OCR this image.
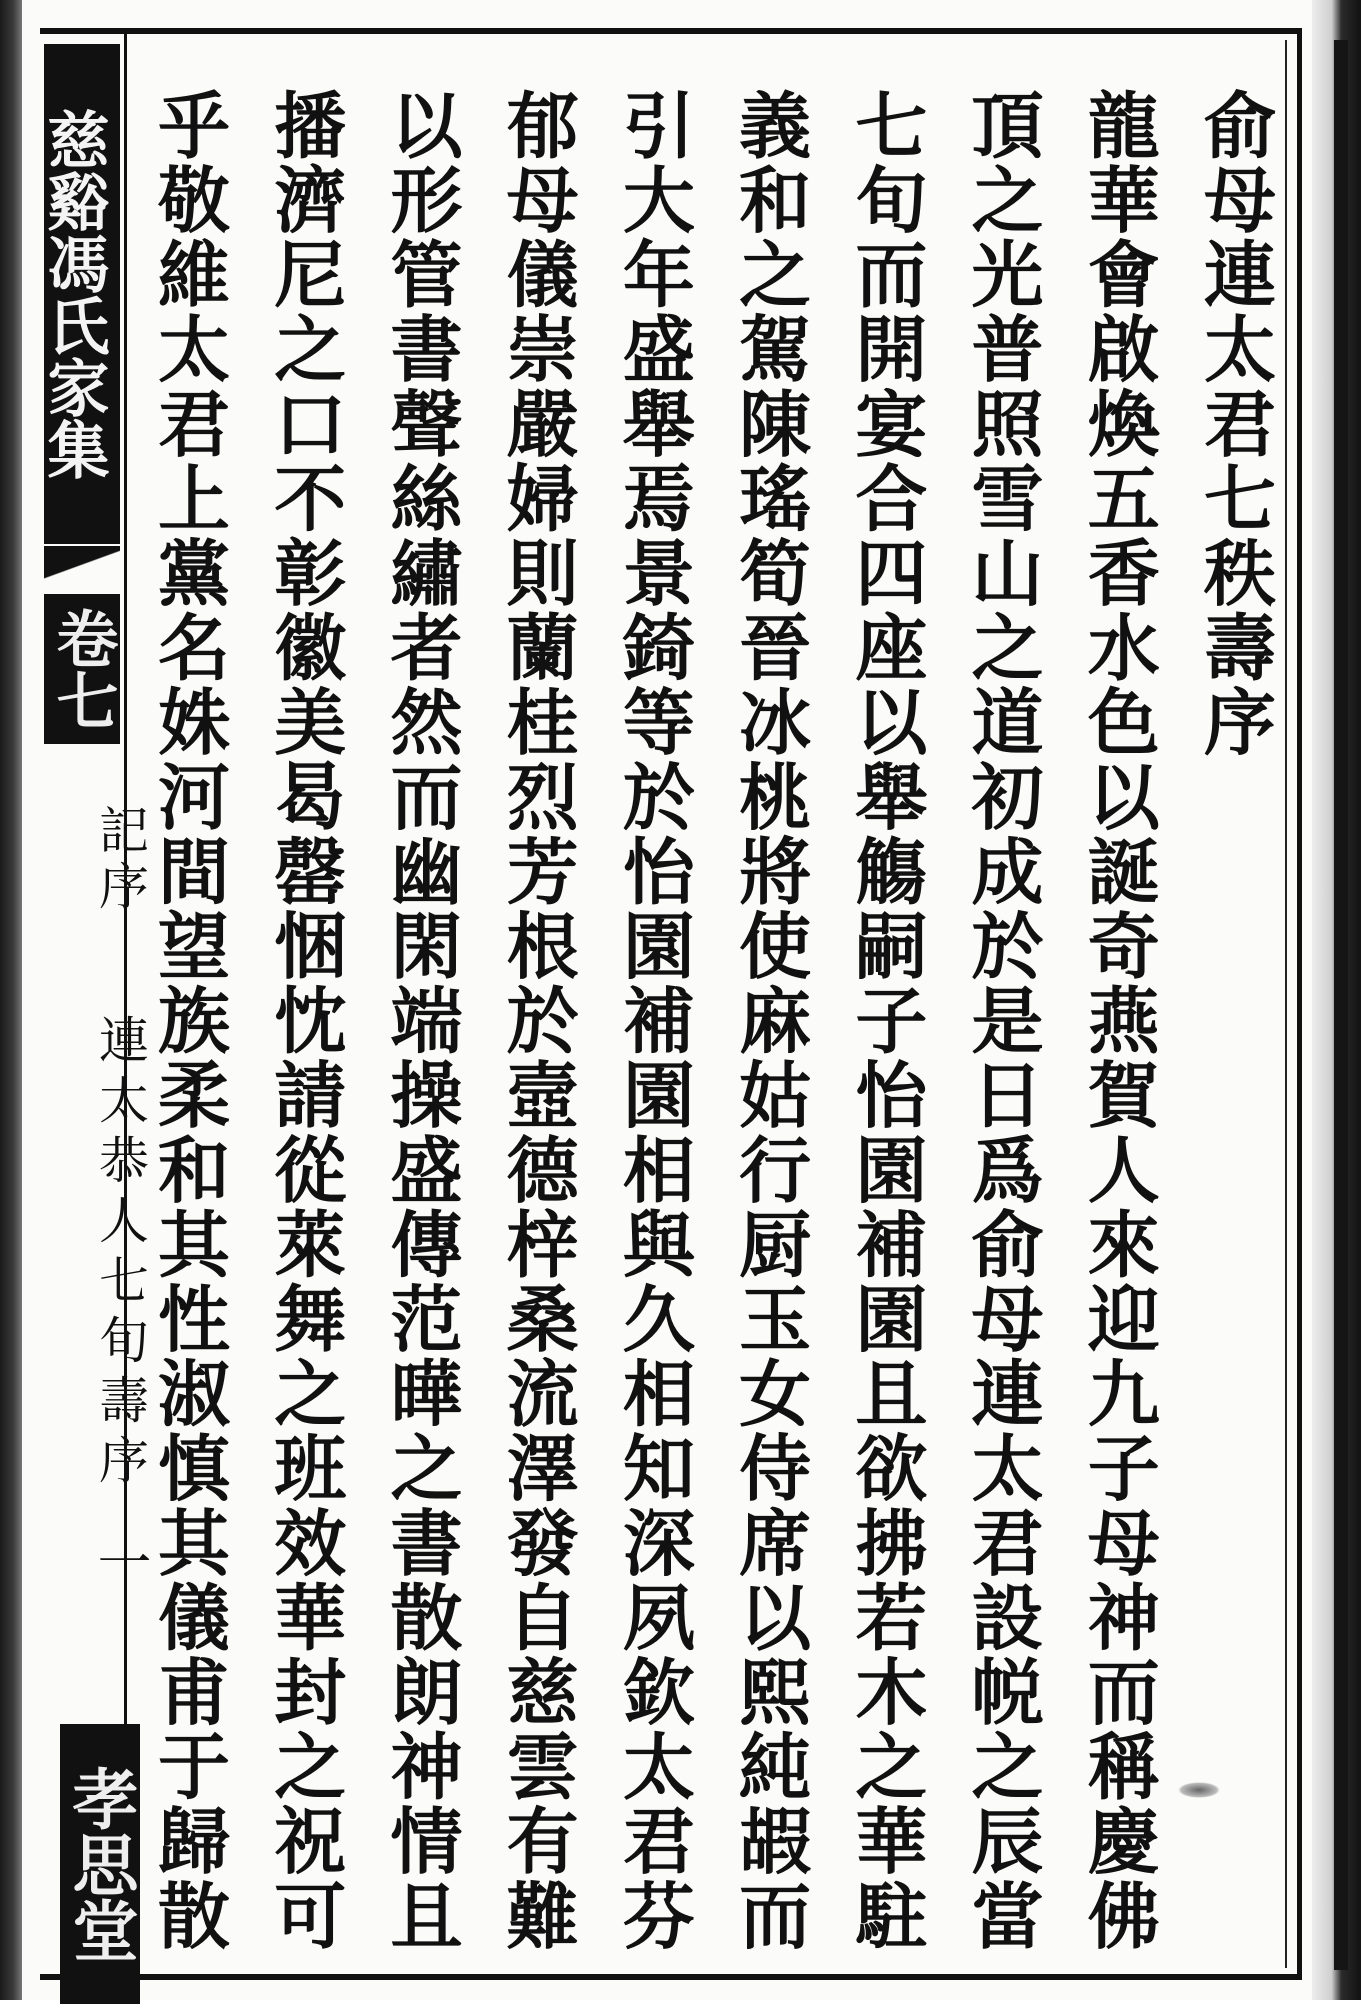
慈谿馮氏家集
卷七
記序
連太恭人七旬壽序
一
孝思堂
俞母連太君七秩壽序
龍華會啟煥五香水色以誕奇燕賀人來迎九子母神而稱慶佛
頂之光普照雪山之道初成於是日爲俞母連太君設帨之辰當
七旬而開宴合四座以舉觴嗣子怡園補園且欲拂若木之華駐
義和之駕陳瑤筍晉冰桃將使麻姑行厨玉女侍席以熙純嘏而
引大年盛舉焉景錡等於怡園補園相與久相知深夙欽太君芬
郁母儀崇嚴婦則蘭桂烈芳根於壼德梓桑流澤發自慈雲有難
以形管書聲絲繡者然而幽閑端操盛傳范曄之書散朗神情且
播濟尼之口不彰徽美曷罄悃忱請從萊舞之班效華封之祝可
乎敬維太君上黨名姝河間望族柔和其性淑慎其儀甫于歸散
